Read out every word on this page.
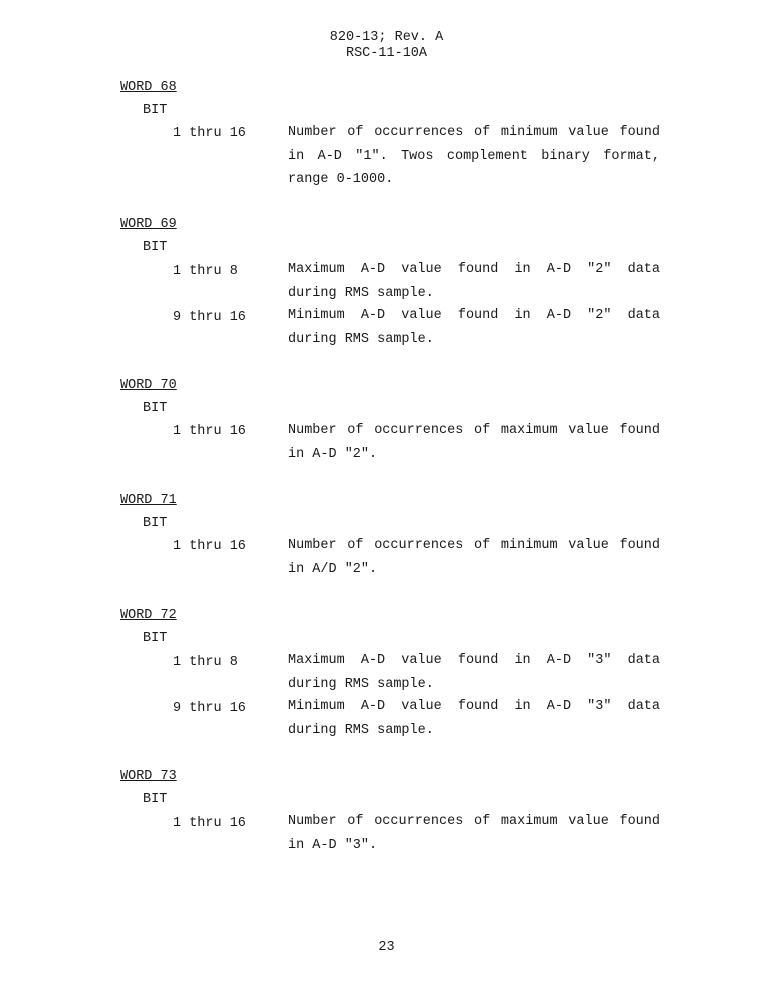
820-13; Rev. A
RSC-11-10A
WORD 68
BIT
1 thru 16	Number of occurrences of minimum value found in A-D "1". Twos complement binary format, range 0-1000.
WORD 69
BIT
1 thru 8	Maximum A-D value found in A-D "2" data during RMS sample.
9 thru 16	Minimum A-D value found in A-D "2" data during RMS sample.
WORD 70
BIT
1 thru 16	Number of occurrences of maximum value found in A-D "2".
WORD 71
BIT
1 thru 16	Number of occurrences of minimum value found in A/D "2".
WORD 72
BIT
1 thru 8	Maximum A-D value found in A-D "3" data during RMS sample.
9 thru 16	Minimum A-D value found in A-D "3" data during RMS sample.
WORD 73
BIT
1 thru 16	Number of occurrences of maximum value found in A-D "3".
23
